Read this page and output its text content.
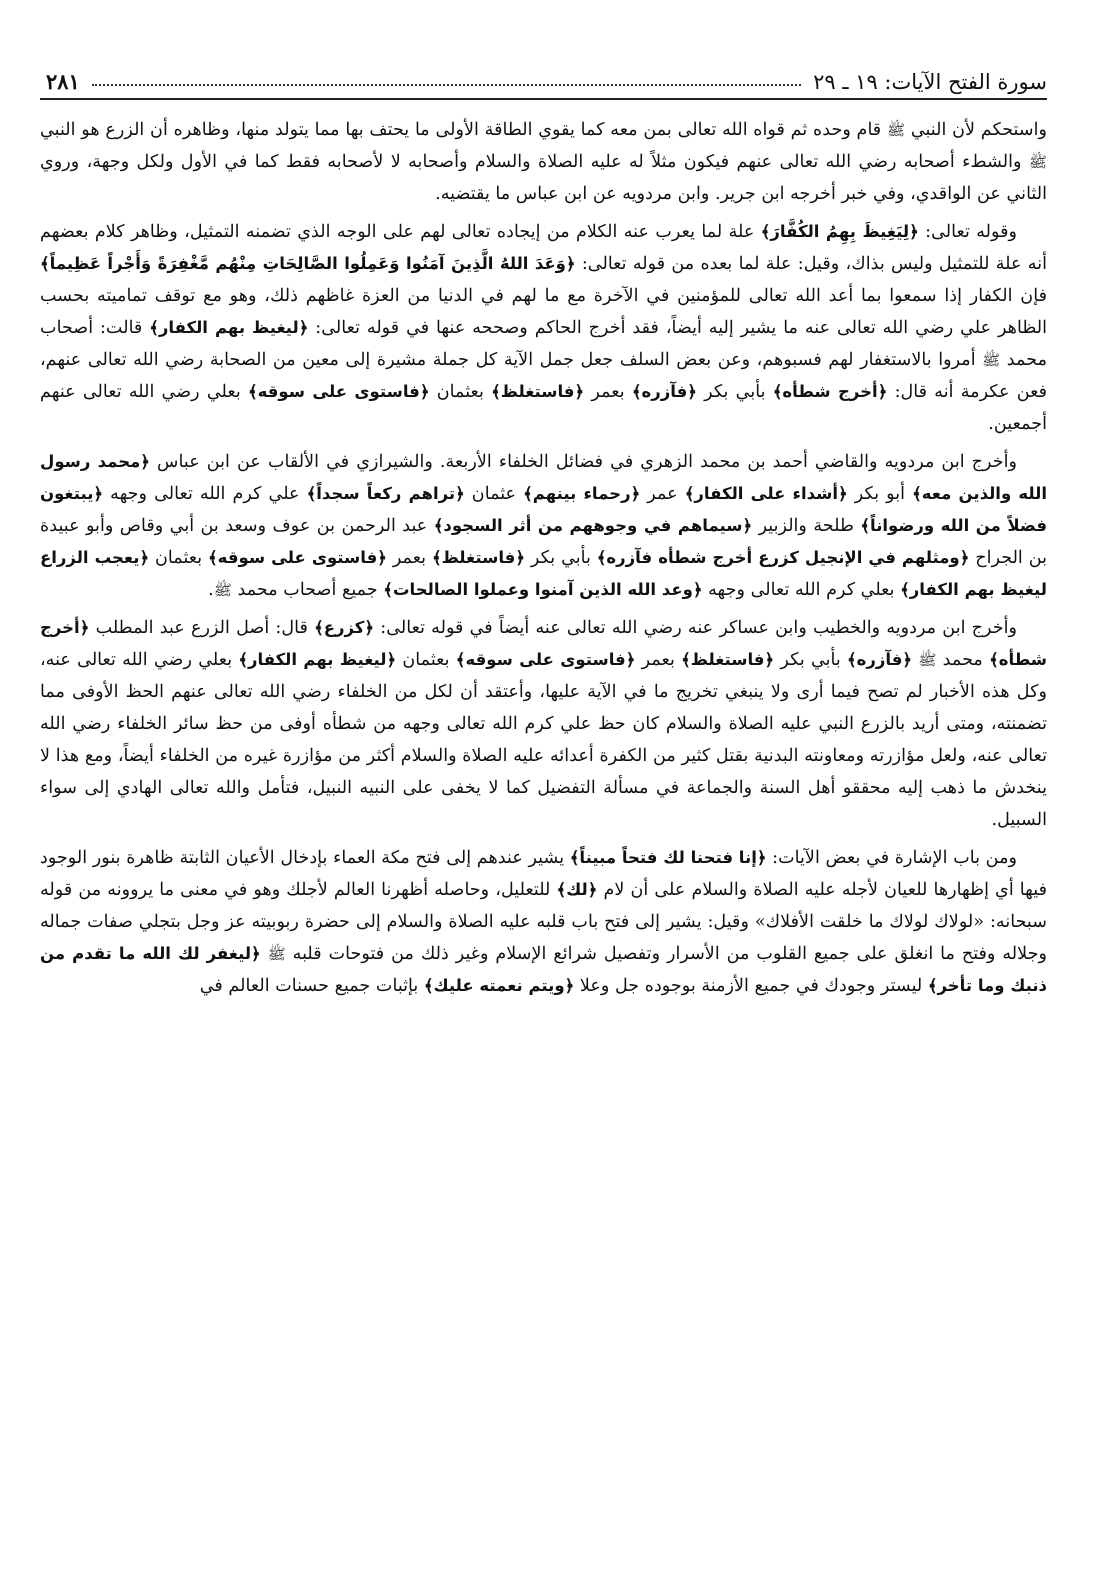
سورة الفتح الآيات: ١٩ ـ ٢٩
٢٨١

واستحكم لأن النبي ﷺ قام وحده ثم قواه الله تعالى بمن معه كما يقوي الطاقة الأولى ما يحتف بها مما يتولد منها، وظاهره أن الزرع هو النبي ﷺ والشطء أصحابه رضي الله تعالى عنهم فيكون مثلاً له عليه الصلاة والسلام وأصحابه لا لأصحابه فقط كما في الأول ولكل وجهة، وروي الثاني عن الواقدي، وفي خبر أخرجه ابن جرير. وابن مردويه عن ابن عباس ما يقتضيه.

وقوله تعالى: ﴿لِيَغِيظَ بِهِمُ الكُفَّارَ﴾ علة لما يعرب عنه الكلام من إيجاده تعالى لهم على الوجه الذي تضمنه التمثيل، وظاهر كلام بعضهم أنه علة للتمثيل وليس بذاك، وقيل: علة لما بعده من قوله تعالى: ﴿وَعَدَ اللهُ الَّذِينَ آمَنُوا وَعَمِلُوا الصَّالِحَاتِ مِنْهُم مَّغْفِرَةً وَأَجْراً عَظِيماً﴾ فإن الكفار إذا سمعوا بما أعد الله تعالى للمؤمنين في الآخرة مع ما لهم في الدنيا من العزة غاظهم ذلك، وهو مع توقف تماميته بحسب الظاهر علي رضي الله تعالى عنه ما يشير إليه أيضاً، فقد أخرج الحاكم وصححه عنها في قوله تعالى: ﴿ليغيظ بهم الكفار﴾ قالت: أصحاب محمد ﷺ أمروا بالاستغفار لهم فسبوهم، وعن بعض السلف جعل جمل الآية كل جملة مشيرة إلى معين من الصحابة رضي الله تعالى عنهم، فعن عكرمة أنه قال: ﴿أخرج شطأه﴾ بأبي بكر ﴿فآزره﴾ بعمر ﴿فاستغلظ﴾ بعثمان ﴿فاستوى على سوقه﴾ بعلي رضي الله تعالى عنهم أجمعين.

وأخرج ابن مردويه والقاضي أحمد بن محمد الزهري في فضائل الخلفاء الأربعة. والشيرازي في الألقاب عن ابن عباس ﴿محمد رسول الله والذين معه﴾ أبو بكر ﴿أشداء على الكفار﴾ عمر ﴿رحماء بينهم﴾ عثمان ﴿تراهم ركعاً سجداً﴾ علي كرم الله تعالى وجهه ﴿يبتغون فضلاً من الله ورضواناً﴾ طلحة والزبير ﴿سيماهم في وجوههم من أثر السجود﴾ عبد الرحمن بن عوف وسعد بن أبي وقاص وأبو عبيدة بن الجراح ﴿ومثلهم في الإنجيل كزرع أخرج شطأه فآزره﴾ بأبي بكر ﴿فاستغلظ﴾ بعمر ﴿فاستوى على سوقه﴾ بعثمان ﴿يعجب الزراع ليغيظ بهم الكفار﴾ بعلي كرم الله تعالى وجهه ﴿وعد الله الذين آمنوا وعملوا الصالحات﴾ جميع أصحاب محمد ﷺ.

وأخرج ابن مردويه والخطيب وابن عساكر عنه رضي الله تعالى عنه أيضاً في قوله تعالى: ﴿كزرع﴾ قال: أصل الزرع عبد المطلب ﴿أخرج شطأه﴾ محمد ﷺ ﴿فآزره﴾ بأبي بكر ﴿فاستغلظ﴾ بعمر ﴿فاستوى على سوقه﴾ بعثمان ﴿ليغيظ بهم الكفار﴾ بعلي رضي الله تعالى عنه، وكل هذه الأخبار لم تصح فيما أرى ولا ينبغي تخريج ما في الآية عليها، وأعتقد أن لكل من الخلفاء رضي الله تعالى عنهم الحظ الأوفى مما تضمنته، ومتى أريد بالزرع النبي عليه الصلاة والسلام كان حظ علي كرم الله تعالى وجهه من شطأه أوفى من حظ سائر الخلفاء رضي الله تعالى عنه، ولعل مؤازرته ومعاونته البدنية بقتل كثير من الكفرة أعدائه عليه الصلاة والسلام أكثر من مؤازرة غيره من الخلفاء أيضاً، ومع هذا لا ينخدش ما ذهب إليه محققو أهل السنة والجماعة في مسألة التفضيل كما لا يخفى على النبيه النبيل، فتأمل والله تعالى الهادي إلى سواء السبيل.

ومن باب الإشارة في بعض الآيات: ﴿إنا فتحنا لك فتحاً مبيناً﴾ يشير عندهم إلى فتح مكة العماء بإدخال الأعيان الثابتة ظاهرة بنور الوجود فيها أي إظهارها للعيان لأجله عليه الصلاة والسلام على أن لام ﴿لك﴾ للتعليل، وحاصله أظهرنا العالم لأجلك وهو في معنى ما يروونه من قوله سبحانه: «لولاك لولاك ما خلقت الأفلاك» وقيل: يشير إلى فتح باب قلبه عليه الصلاة والسلام إلى حضرة ربوبيته عز وجل بتجلي صفات جماله وجلاله وفتح ما انغلق على جميع القلوب من الأسرار وتفصيل شرائع الإسلام وغير ذلك من فتوحات قلبه ﷺ ﴿ليغفر لك الله ما تقدم من ذنبك وما تأخر﴾ ليستر وجودك في جميع الأزمنة بوجوده جل وعلا ﴿ويتم نعمته عليك﴾ بإثبات جميع حسنات العالم في
